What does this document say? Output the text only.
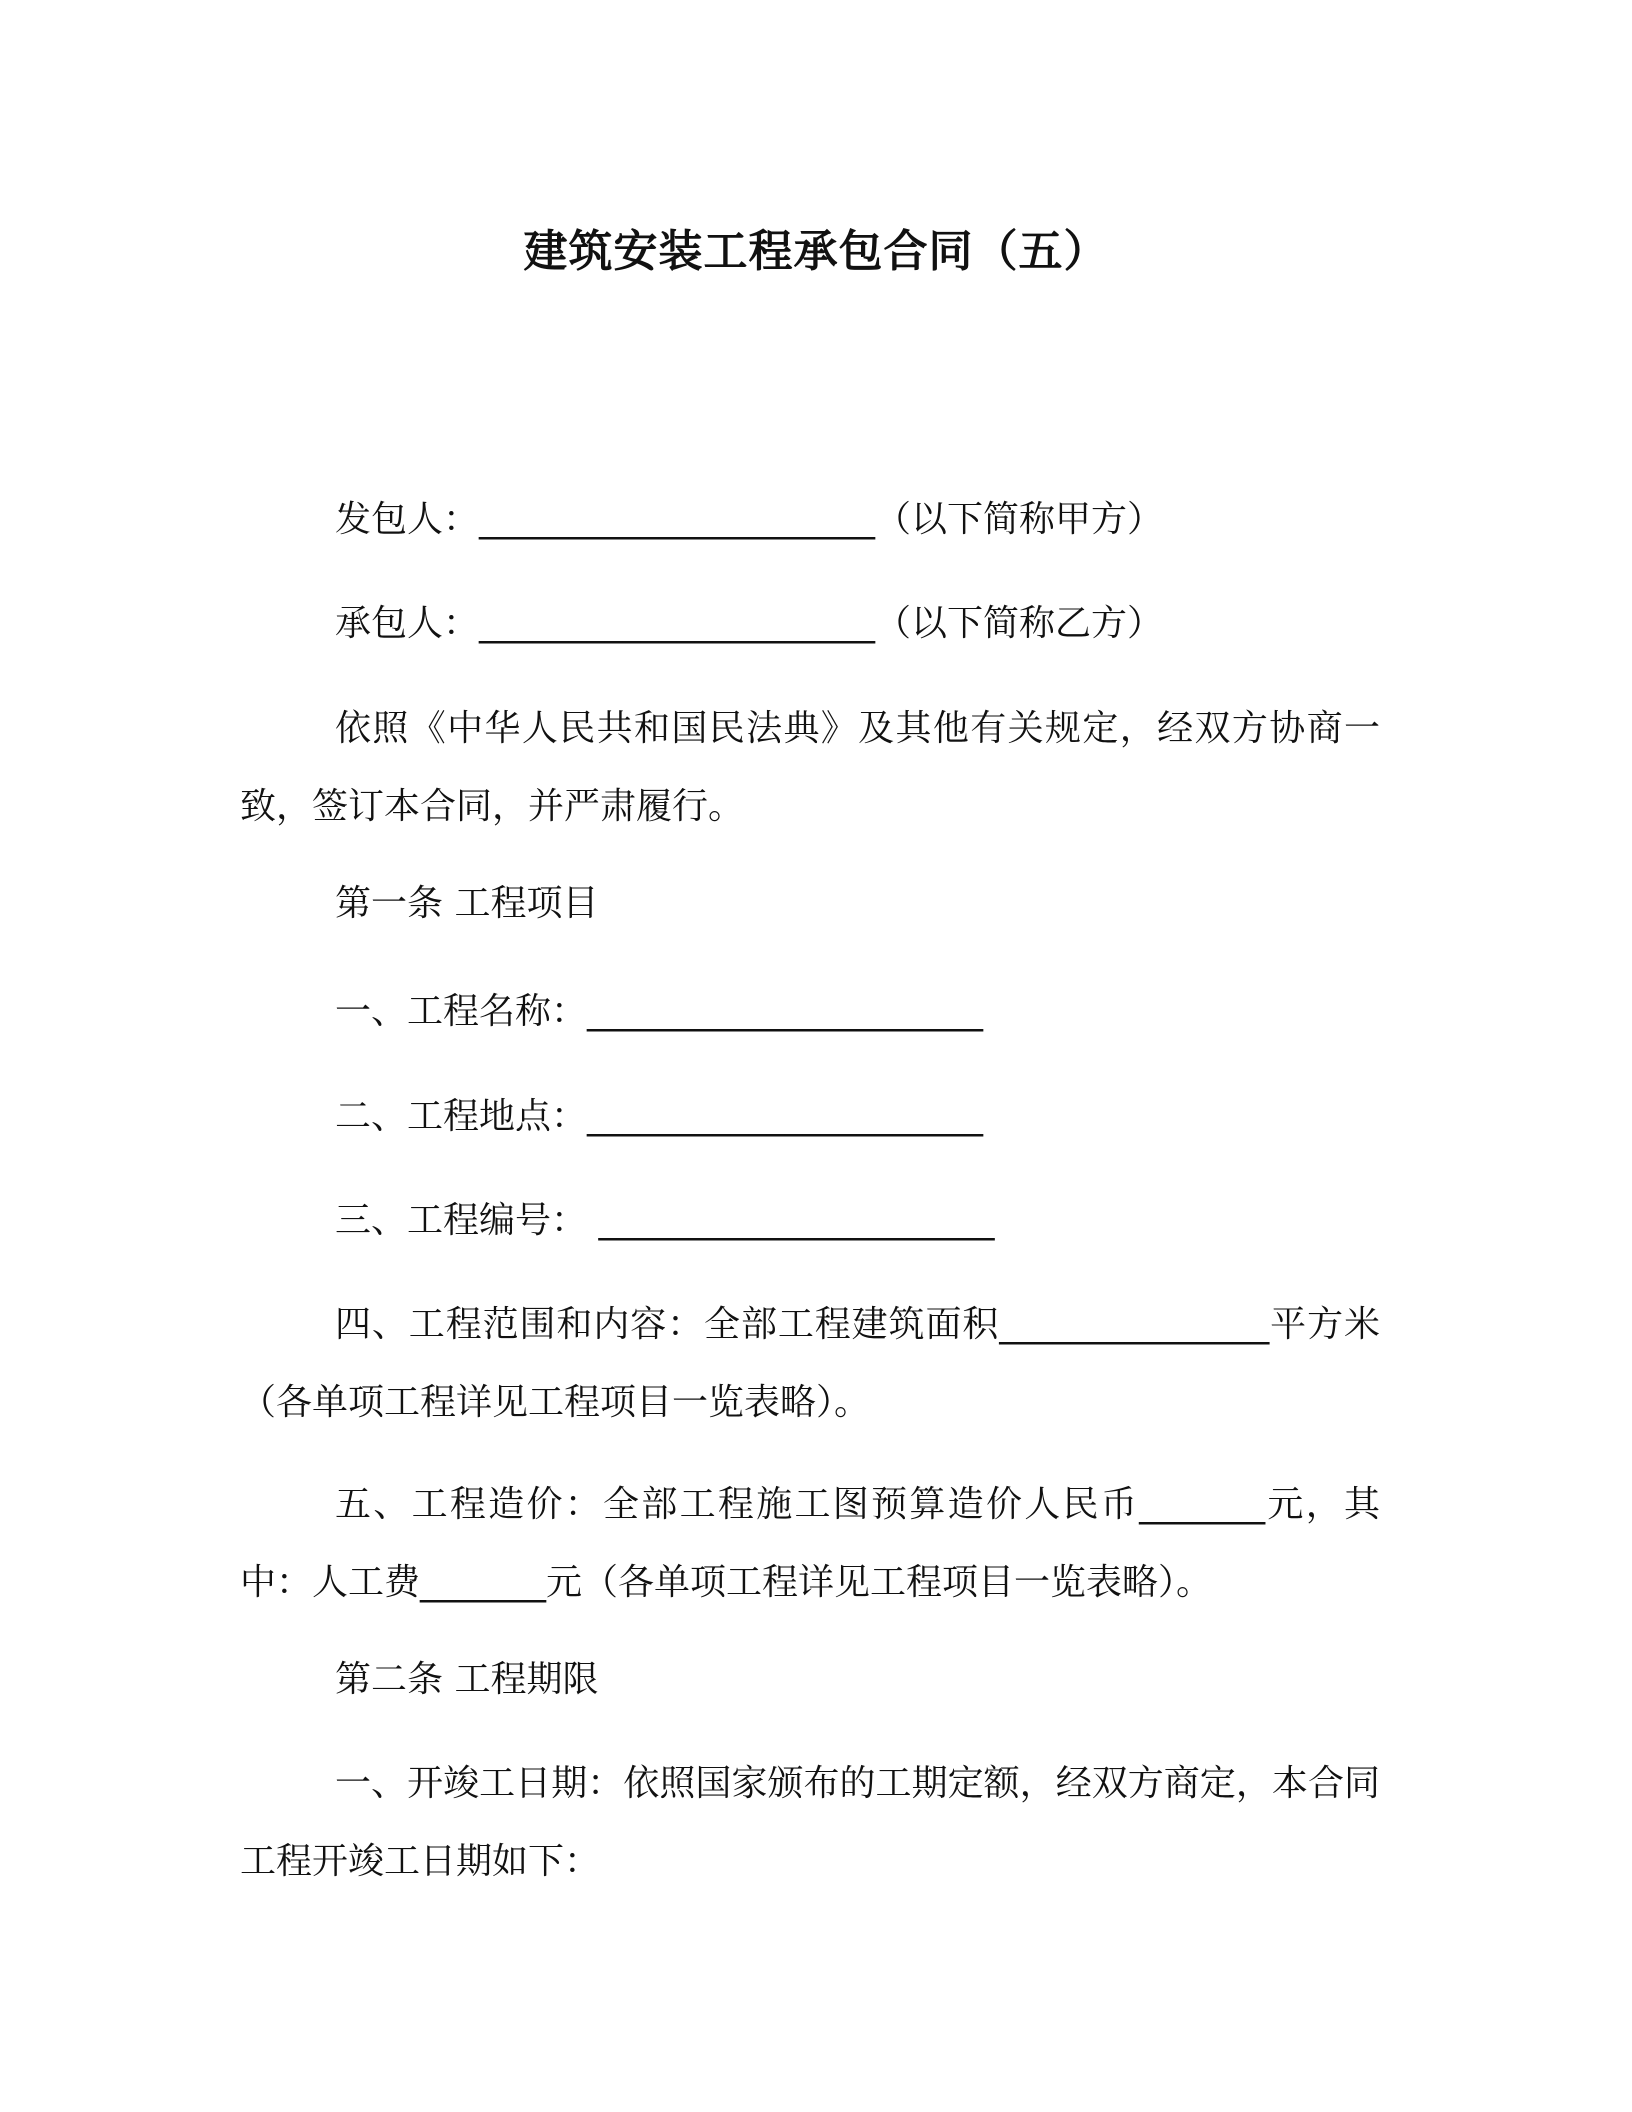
建筑安装工程承包合同（五）
发包人：______________________（以下简称甲方）
承包人：______________________（以下简称乙方）
依照《中华人民共和国民法典》及其他有关规定，经双方协商一致，签订本合同，并严肃履行。
第一条 工程项目
一、工程名称：______________________
二、工程地点：______________________
三、工程编号： ______________________
四、工程范围和内容：全部工程建筑面积_______________平方米（各单项工程详见工程项目一览表略）。
五、工程造价：全部工程施工图预算造价人民币_______元，其中：人工费_______元（各单项工程详见工程项目一览表略）。
第二条 工程期限
一、开竣工日期：依照国家颁布的工期定额，经双方商定，本合同工程开竣工日期如下：
